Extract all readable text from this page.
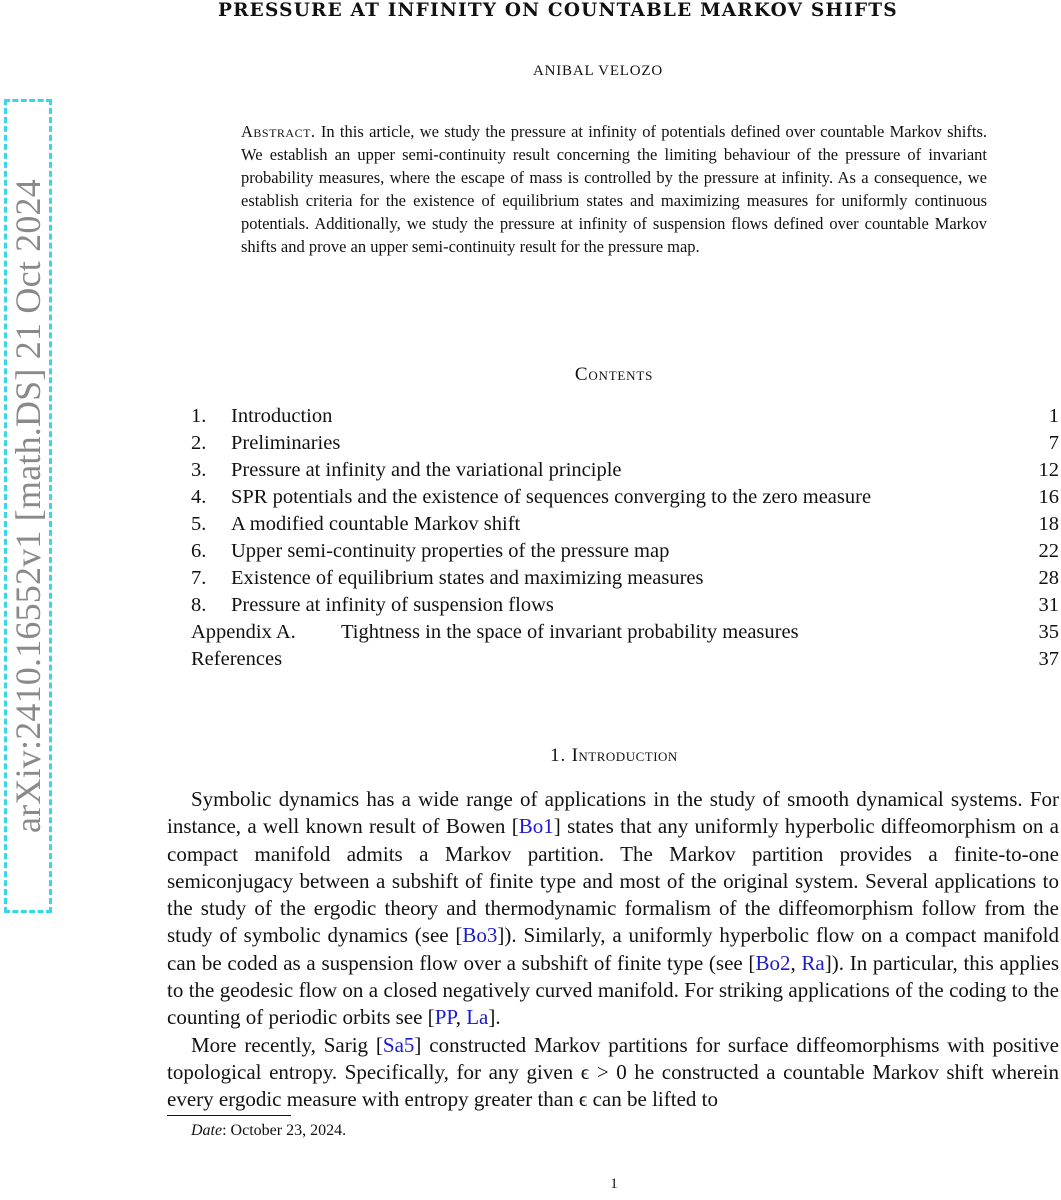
arXiv:2410.16552v1 [math.DS] 21 Oct 2024
PRESSURE AT INFINITY ON COUNTABLE MARKOV SHIFTS
ANIBAL VELOZO
Abstract. In this article, we study the pressure at infinity of potentials defined over countable Markov shifts. We establish an upper semi-continuity result concerning the limiting behaviour of the pressure of invariant probability measures, where the escape of mass is controlled by the pressure at infinity. As a consequence, we establish criteria for the existence of equilibrium states and maximizing measures for uniformly continuous potentials. Additionally, we study the pressure at infinity of suspension flows defined over countable Markov shifts and prove an upper semi-continuity result for the pressure map.
Contents
1.	Introduction	1
2.	Preliminaries	7
3.	Pressure at infinity and the variational principle	12
4.	SPR potentials and the existence of sequences converging to the zero measure	16
5.	A modified countable Markov shift	18
6.	Upper semi-continuity properties of the pressure map	22
7.	Existence of equilibrium states and maximizing measures	28
8.	Pressure at infinity of suspension flows	31
Appendix A.	Tightness in the space of invariant probability measures	35
References	37
1. Introduction

Symbolic dynamics has a wide range of applications in the study of smooth dynamical systems. For instance, a well known result of Bowen [Bo1] states that any uniformly hyperbolic diffeomorphism on a compact manifold admits a Markov partition. The Markov partition provides a finite-to-one semiconjugacy between a subshift of finite type and most of the original system. Several applications to the study of the ergodic theory and thermodynamic formalism of the diffeomorphism follow from the study of symbolic dynamics (see [Bo3]). Similarly, a uniformly hyperbolic flow on a compact manifold can be coded as a suspension flow over a subshift of finite type (see [Bo2, Ra]). In particular, this applies to the geodesic flow on a closed negatively curved manifold. For striking applications of the coding to the counting of periodic orbits see [PP, La].

More recently, Sarig [Sa5] constructed Markov partitions for surface diffeomorphisms with positive topological entropy. Specifically, for any given ϵ > 0 he constructed a countable Markov shift wherein every ergodic measure with entropy greater than ϵ can be lifted to

Date: October 23, 2024.
1
